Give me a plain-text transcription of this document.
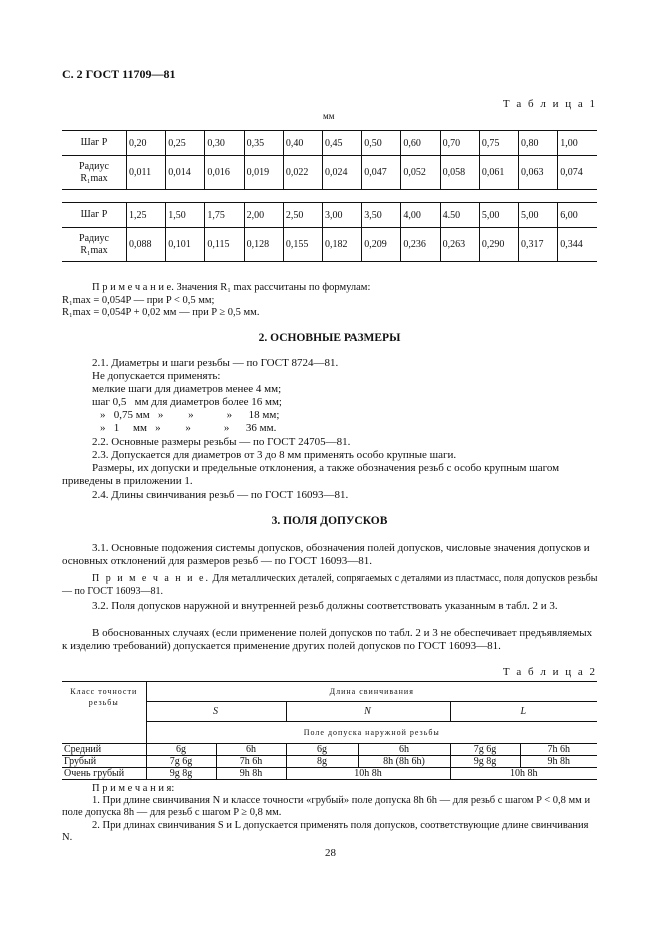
С. 2 ГОСТ 11709—81
Т а б л и ц а 1
мм
Шаг P	0,20	0,25	0,30	0,35	0,40	0,45	0,50	0,60	0,70	0,75	0,80	1,00
Радиус
R₁max	0,011	0,014	0,016	0,019	0,022	0,024	0,047	0,052	0,058	0,061	0,063	0,074
Шаг P	1,25	1,50	1,75	2,00	2,50	3,00	3,50	4,00	4.50	5,00	5,00	6,00
Радиус
R₁max	0,088	0,101	0,115	0,128	0,155	0,182	0,209	0,236	0,263	0,290	0,317	0,344
П р и м е ч а н и е. Значения R₁ max рассчитаны по формулам:
R₁max = 0,054P — при P < 0,5 мм;
R₁max = 0,054P + 0,02 мм — при P ≥ 0,5 мм.
2. ОСНОВНЫЕ РАЗМЕРЫ
2.1. Диаметры и шаги резьбы — по ГОСТ 8724—81.
Не допускается применять:
мелкие шаги для диаметров менее 4 мм;
шаг 0,5   мм для диаметров более 16 мм;
»   0,75 мм   »         »            »      18 мм;
»   1     мм   »         »            »      36 мм.
2.2. Основные размеры резьбы — по ГОСТ 24705—81.
2.3. Допускается для диаметров от 3 до 8 мм применять особо крупные шаги.
Размеры, их допуски и предельные отклонения, а также обозначения резьб с особо крупным шагом приведены в приложении 1.
2.4. Длины свинчивания резьб — по ГОСТ 16093—81.
3. ПОЛЯ ДОПУСКОВ
3.1. Основные подожения системы допусков, обозначения полей допусков, числовые значения допусков и основных отклонений для размеров резьб — по ГОСТ 16093—81.
П р и м е ч а н и е. Для металлических деталей, сопрягаемых с деталями из пластмасс, поля допусков резьбы — по ГОСТ 16093—81.
3.2. Поля допусков наружной и внутренней резьб должны соответствовать указанным в табл. 2 и 3.
В обоснованных случаях (если применение полей допусков по табл. 2 и 3 не обеспечивает предъявляемых к изделию требований) допускается применение других полей допусков по ГОСТ 16093—81.
Т а б л и ц а 2
Класс точности резьбы	Длина свинчивания					
	S		N		L	
	Поле допуска наружной резьбы					
Средний	6g	6h	6g	6h	7g 6g	7h 6h
Грубый	7g 6g	7h 6h	8g	8h (8h 6h)	9g 8g	9h 8h
Очень грубый	9g 8g	9h 8h	10h 8h		10h 8h	
П р и м е ч а н и я:
1. При длине свинчивания N и классе точности «грубый» поле допуска 8h 6h — для резьб с шагом P < 0,8 мм и поле допуска 8h — для резьб с шагом P ≥ 0,8 мм.
2. При длинах свинчивания S и L допускается применять поля допусков, соответствующие длине свинчивания N.
28
